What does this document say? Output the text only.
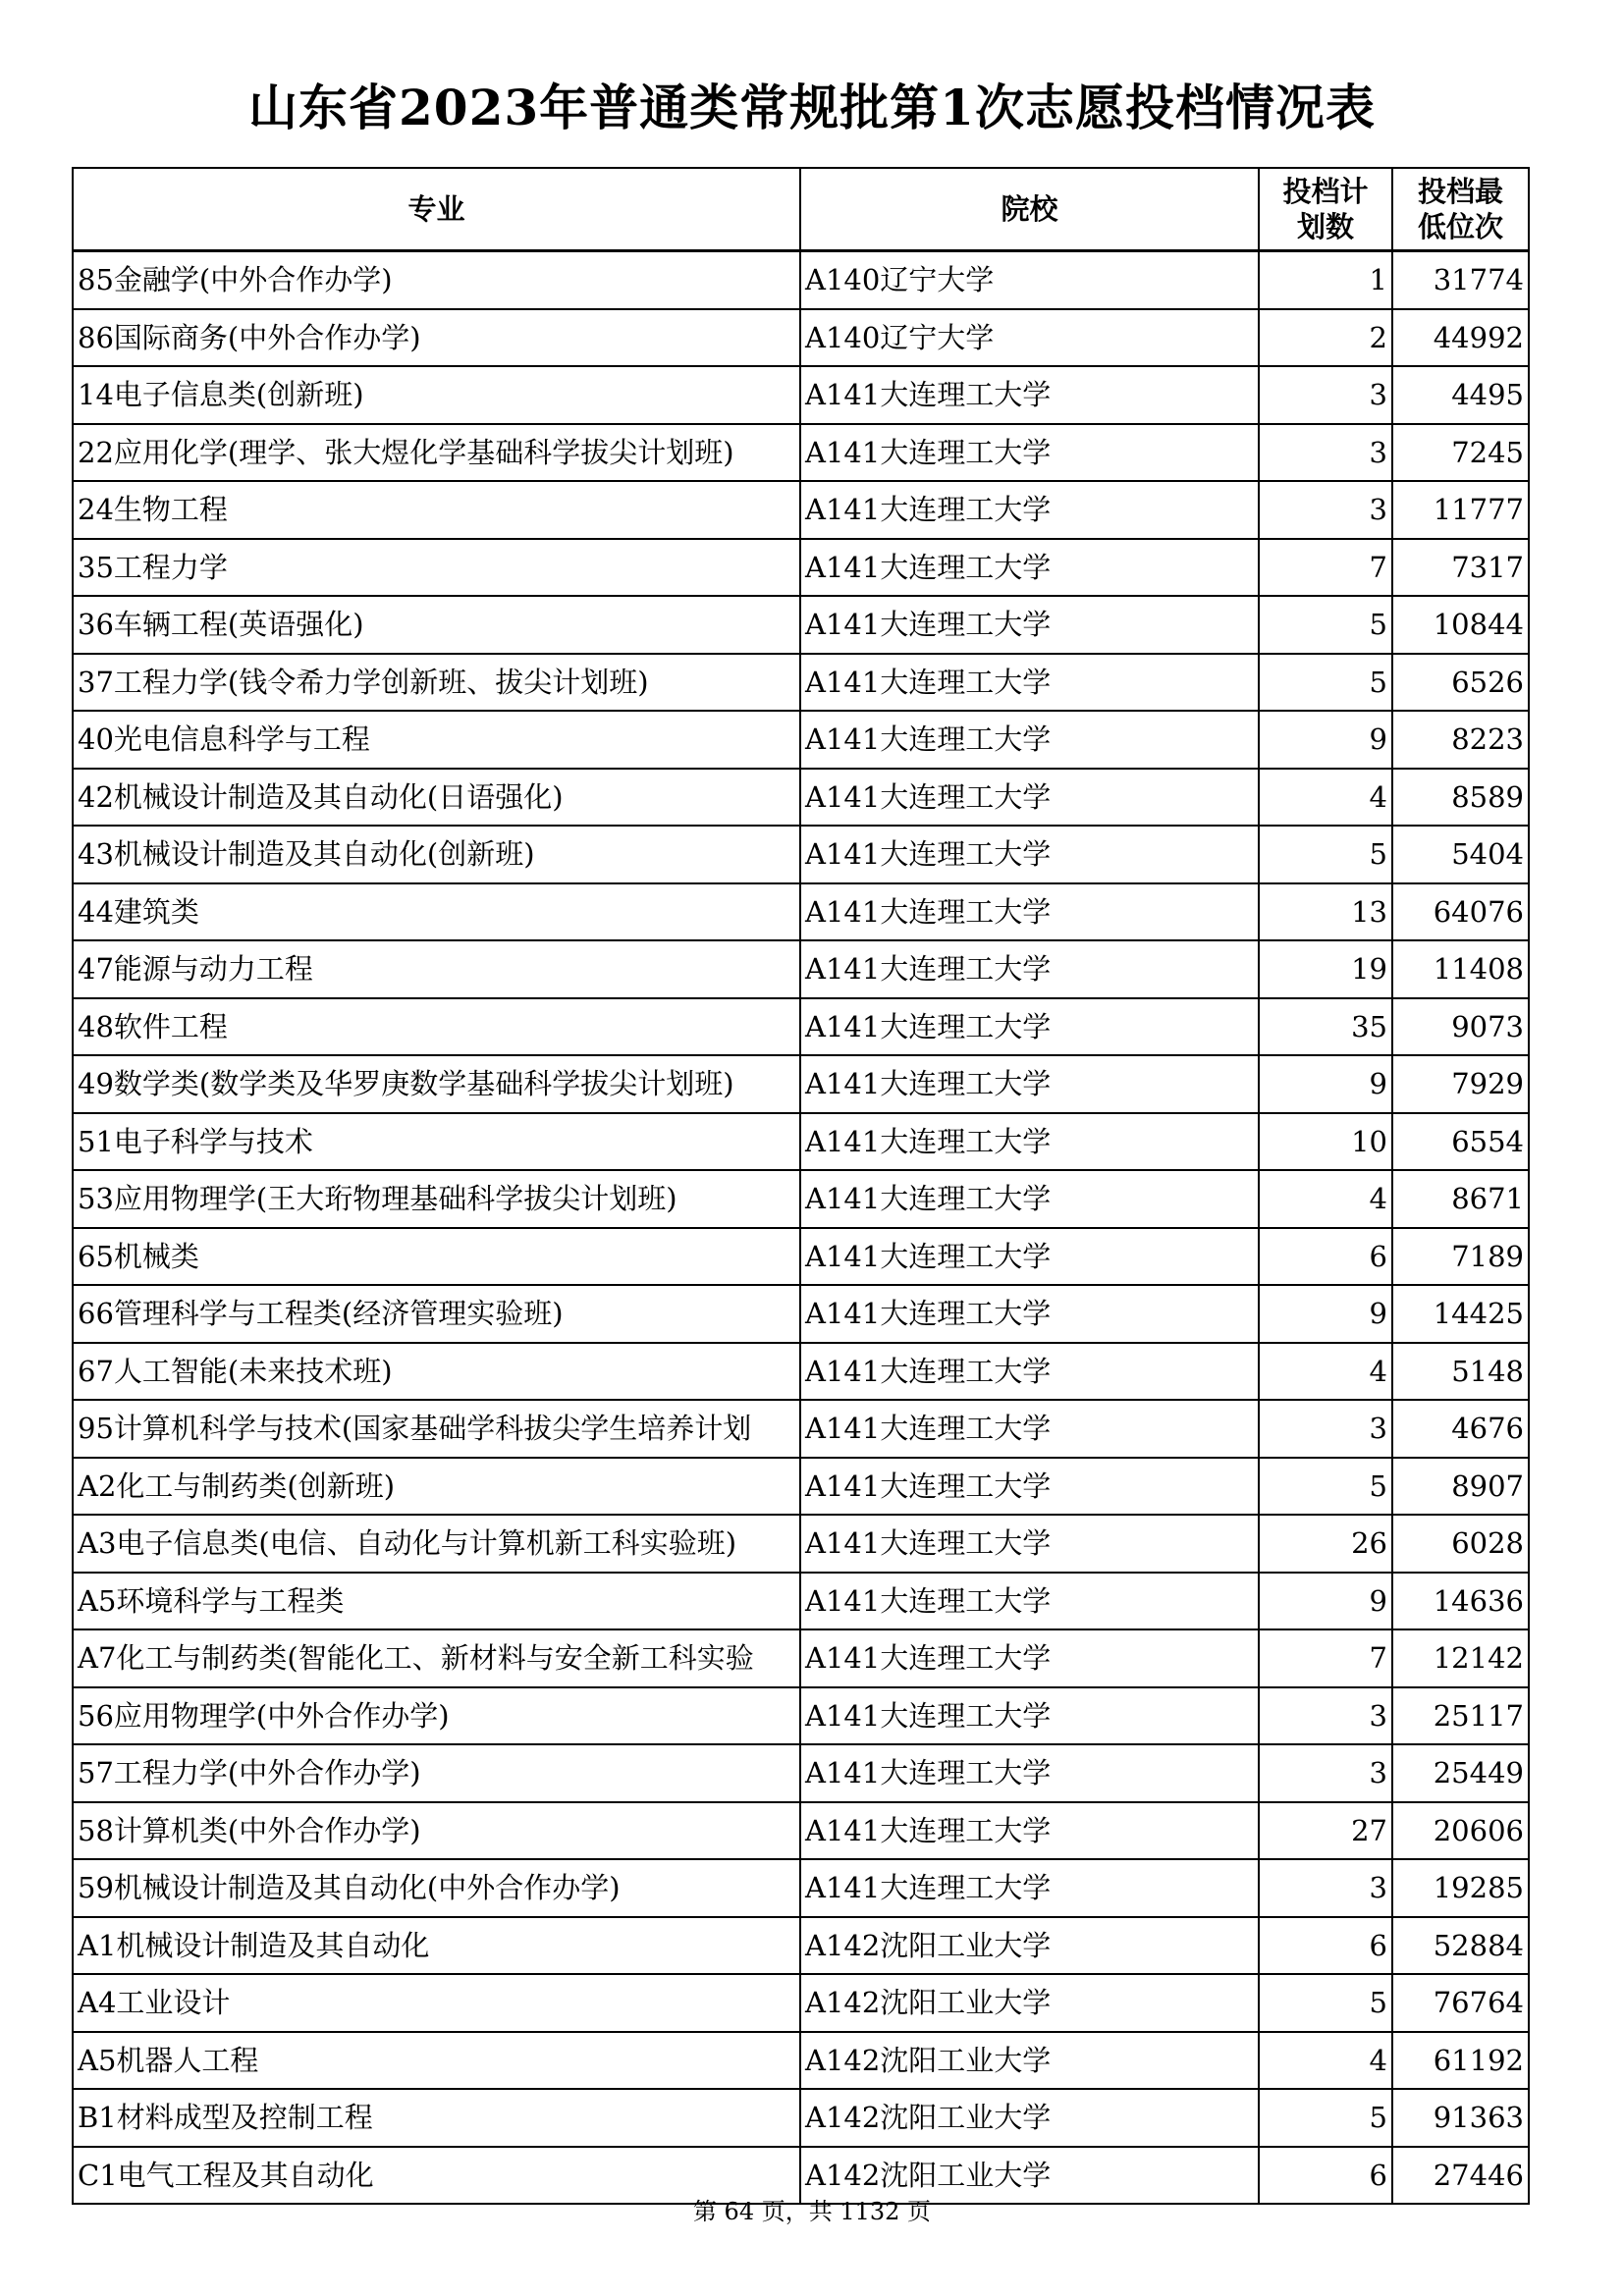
山东省2023年普通类常规批第1次志愿投档情况表
专业	院校	投档计划数	投档最低位次
85金融学(中外合作办学)	A140辽宁大学	1	31774
86国际商务(中外合作办学)	A140辽宁大学	2	44992
14电子信息类(创新班)	A141大连理工大学	3	4495
22应用化学(理学、张大煜化学基础科学拔尖计划班)	A141大连理工大学	3	7245
24生物工程	A141大连理工大学	3	11777
35工程力学	A141大连理工大学	7	7317
36车辆工程(英语强化)	A141大连理工大学	5	10844
37工程力学(钱令希力学创新班、拔尖计划班)	A141大连理工大学	5	6526
40光电信息科学与工程	A141大连理工大学	9	8223
42机械设计制造及其自动化(日语强化)	A141大连理工大学	4	8589
43机械设计制造及其自动化(创新班)	A141大连理工大学	5	5404
44建筑类	A141大连理工大学	13	64076
47能源与动力工程	A141大连理工大学	19	11408
48软件工程	A141大连理工大学	35	9073
49数学类(数学类及华罗庚数学基础科学拔尖计划班)	A141大连理工大学	9	7929
51电子科学与技术	A141大连理工大学	10	6554
53应用物理学(王大珩物理基础科学拔尖计划班)	A141大连理工大学	4	8671
65机械类	A141大连理工大学	6	7189
66管理科学与工程类(经济管理实验班)	A141大连理工大学	9	14425
67人工智能(未来技术班)	A141大连理工大学	4	5148
95计算机科学与技术(国家基础学科拔尖学生培养计划	A141大连理工大学	3	4676
A2化工与制药类(创新班)	A141大连理工大学	5	8907
A3电子信息类(电信、自动化与计算机新工科实验班)	A141大连理工大学	26	6028
A5环境科学与工程类	A141大连理工大学	9	14636
A7化工与制药类(智能化工、新材料与安全新工科实验	A141大连理工大学	7	12142
56应用物理学(中外合作办学)	A141大连理工大学	3	25117
57工程力学(中外合作办学)	A141大连理工大学	3	25449
58计算机类(中外合作办学)	A141大连理工大学	27	20606
59机械设计制造及其自动化(中外合作办学)	A141大连理工大学	3	19285
A1机械设计制造及其自动化	A142沈阳工业大学	6	52884
A4工业设计	A142沈阳工业大学	5	76764
A5机器人工程	A142沈阳工业大学	4	61192
B1材料成型及控制工程	A142沈阳工业大学	5	91363
C1电气工程及其自动化	A142沈阳工业大学	6	27446
第 64 页，共 1132 页
